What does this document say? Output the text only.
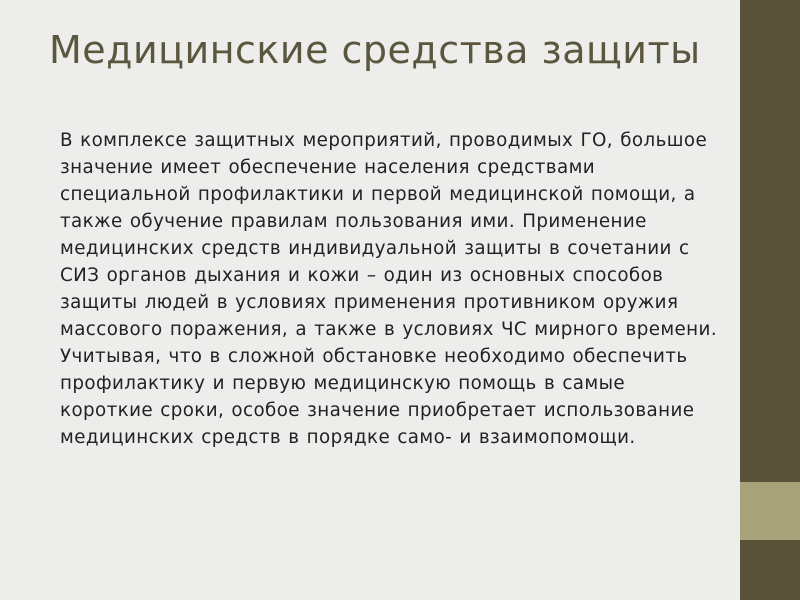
Медицинские средства защиты

В комплексе защитных мероприятий, проводимых ГО, большое значение имеет обеспечение населения средствами специальной профилактики и первой медицинской помощи, а также обучение правилам пользования ими. Применение медицинских средств индивидуальной защиты в сочетании с СИЗ органов дыхания и кожи – один из основных способов защиты людей в условиях применения противником оружия массового поражения, а также в условиях ЧС мирного времени. Учитывая, что в сложной обстановке необходимо обеспечить профилактику и первую медицинскую помощь в самые короткие сроки, особое значение приобретает использование медицинских средств в порядке само- и взаимопомощи.
